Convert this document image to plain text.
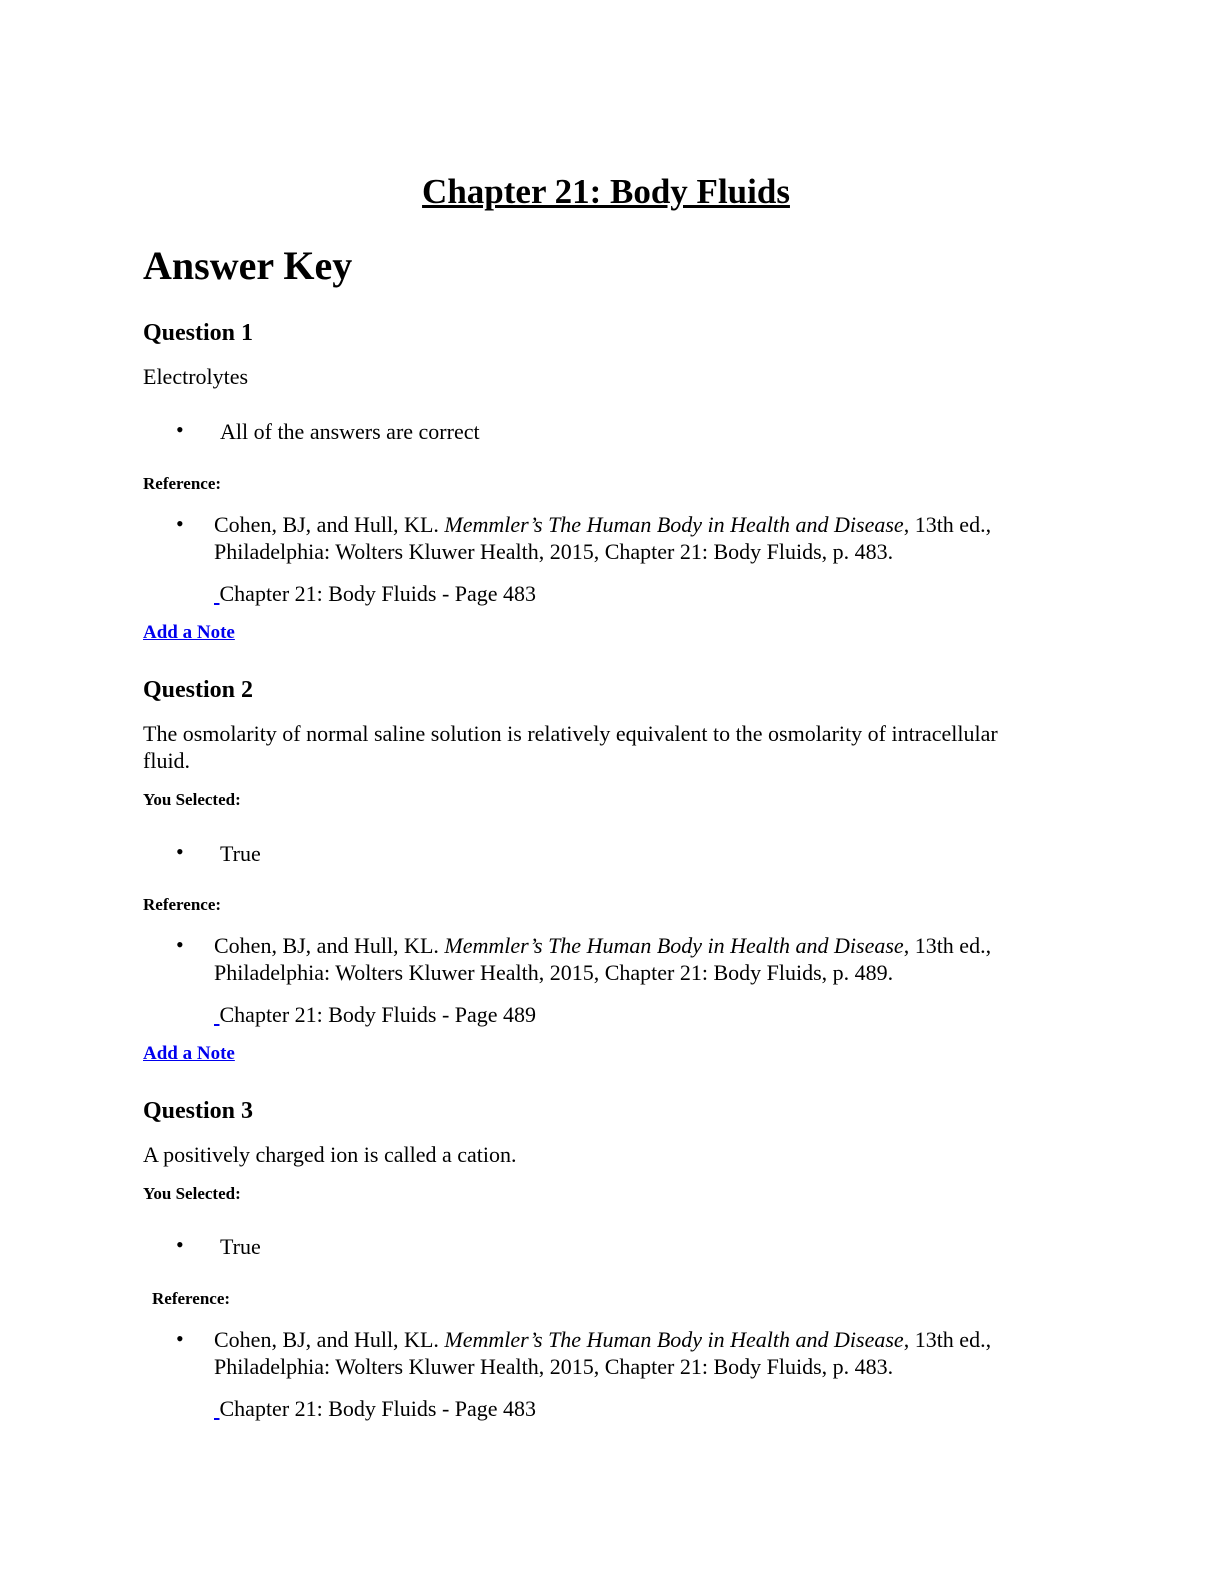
Chapter 21: Body Fluids
Answer Key
Question 1
Electrolytes
• All of the answers are correct
Reference:
• Cohen, BJ, and Hull, KL. Memmler’s The Human Body in Health and Disease, 13th ed.,
Philadelphia: Wolters Kluwer Health, 2015, Chapter 21: Body Fluids, p. 483.
Chapter 21: Body Fluids - Page 483
Add a Note
Question 2
The osmolarity of normal saline solution is relatively equivalent to the osmolarity of intracellular
fluid.
You Selected:
• True
Reference:
• Cohen, BJ, and Hull, KL. Memmler’s The Human Body in Health and Disease, 13th ed.,
Philadelphia: Wolters Kluwer Health, 2015, Chapter 21: Body Fluids, p. 489.
Chapter 21: Body Fluids - Page 489
Add a Note
Question 3
A positively charged ion is called a cation.
You Selected:
• True
Reference:
• Cohen, BJ, and Hull, KL. Memmler’s The Human Body in Health and Disease, 13th ed.,
Philadelphia: Wolters Kluwer Health, 2015, Chapter 21: Body Fluids, p. 483.
Chapter 21: Body Fluids - Page 483
